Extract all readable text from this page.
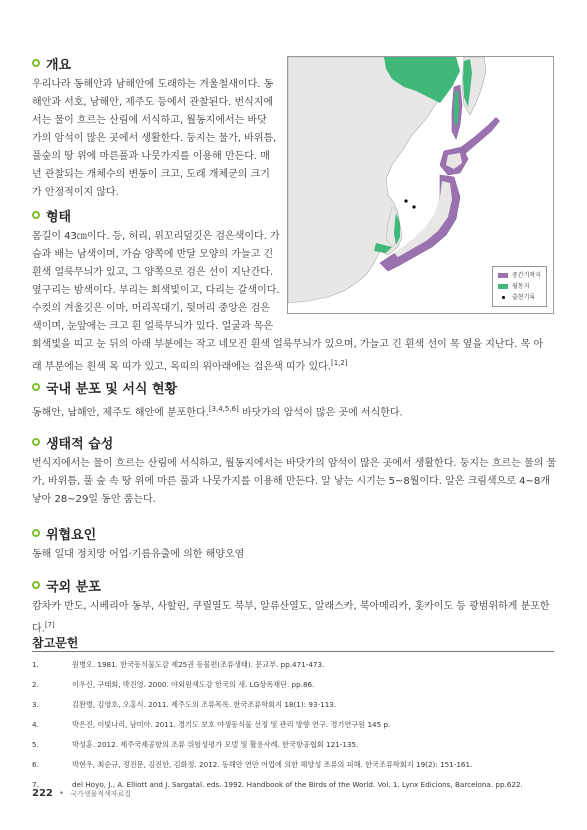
개요

우리나라 동해안과 남해안에 도래하는 겨울철새이다. 동

해안과 서호, 남해안, 제주도 등에서 관찰된다. 번식지에

서는 물이 흐르는 산림에 서식하고, 월동지에서는 바닷

가의 암석이 많은 곳에서 생활한다. 둥지는 물가, 바위틈,

풀숲의 땅 위에 마른풀과 나뭇가지를 이용해 만든다. 매

년 관찰되는 개체수의 변동이 크고, 도래 개체군의 크기

가 안정적이지 않다.

형태

몸길이 43㎝이다. 등, 허리, 위꼬리덮깃은 검은색이다. 가

슴과 배는 남색이며, 가슴 양쪽에 반달 모양의 가늘고 긴

흰색 얼룩무늬가 있고, 그 양쪽으로 검은 선이 지난간다.

옆구리는 밤색이다. 부리는 회색빛이고, 다리는 갈색이다.

수컷의 겨울깃은 이마, 머리꼭대기, 뒷머리 중앙은 검은

색이며, 눈앞에는 크고 흰 얼룩무늬가 있다. 얼굴과 목은

회색빛을 띠고 눈 뒤의 아래 부분에는 작고 네모진 흰색 얼룩무늬가 있으며, 가늘고 긴 흰색 선이 목 옆을 지난다. 목 아

래 부분에는 흰색 목 띠가 있고, 목띠의 위아래에는 검은색 띠가 있다.[1,2]

국내 분포 및 서식 현황

동해안, 남해안, 제주도 해안에 분포한다.[3,4,5,6] 바닷가의 암석이 많은 곳에 서식한다.

생태적 습성

번식지에서는 물이 흐르는 산림에 서식하고, 월동지에서는 바닷가의 암석이 많은 곳에서 생활한다. 둥지는 흐르는 물의 물

가, 바위틈, 풀 숲 속 땅 위에 마른 풀과 나뭇가지를 이용해 만든다. 알 낳는 시기는 5~8월이다. 알은 크림색으로 4~8개

낳아 28~29일 동안 품는다.

위협요인

동해 일대 정치망 어업·기름유출에 의한 해양오염

국외 분포

캄차카 반도, 시베리아 동부, 사할린, 쿠릴열도 북부, 알류산열도, 알래스카, 북아메리카, 홋카이도 등 광범위하게 분포한다.[7]

중간기착지
월동지
출현기록
참고문헌
1.	원병오. 1981. 한국동식물도감 제25권 동물편(조류생태). 문교부. pp.471-473.
2.	이우신, 구태회, 박진영. 2000. 야외원색도감 한국의 새. LG상록재단. pp.86.
3.	김완병, 김영호, 오홍식. 2011. 제주도의 조류목록. 한국조류학회지 18(1): 93-113.
4.	박은진, 이빛나리, 남미아. 2011. 경기도 보호 야생동식물 선정 및 관리 방향 연구. 경기연구원 145 p.
5.	박성훈. 2012. 제주국제공항의 조류 위험성평가 모델 및 활용사례. 한국항공협회 121-135.
6.	박현우, 최순규, 정진문, 김진한, 김화정. 2012. 동해안 연안 어업에 의한 해양성 조류의 피해. 한국조류학회지 19(2): 151-161.
7.	del Hoyo, J., A. Elliott and J. Sargatal. eds. 1992. Handbook of the Birds of the World. Vol. 1. Lynx Edicions, Barcelona. pp.622.
222 • 국가생물적색자료집
